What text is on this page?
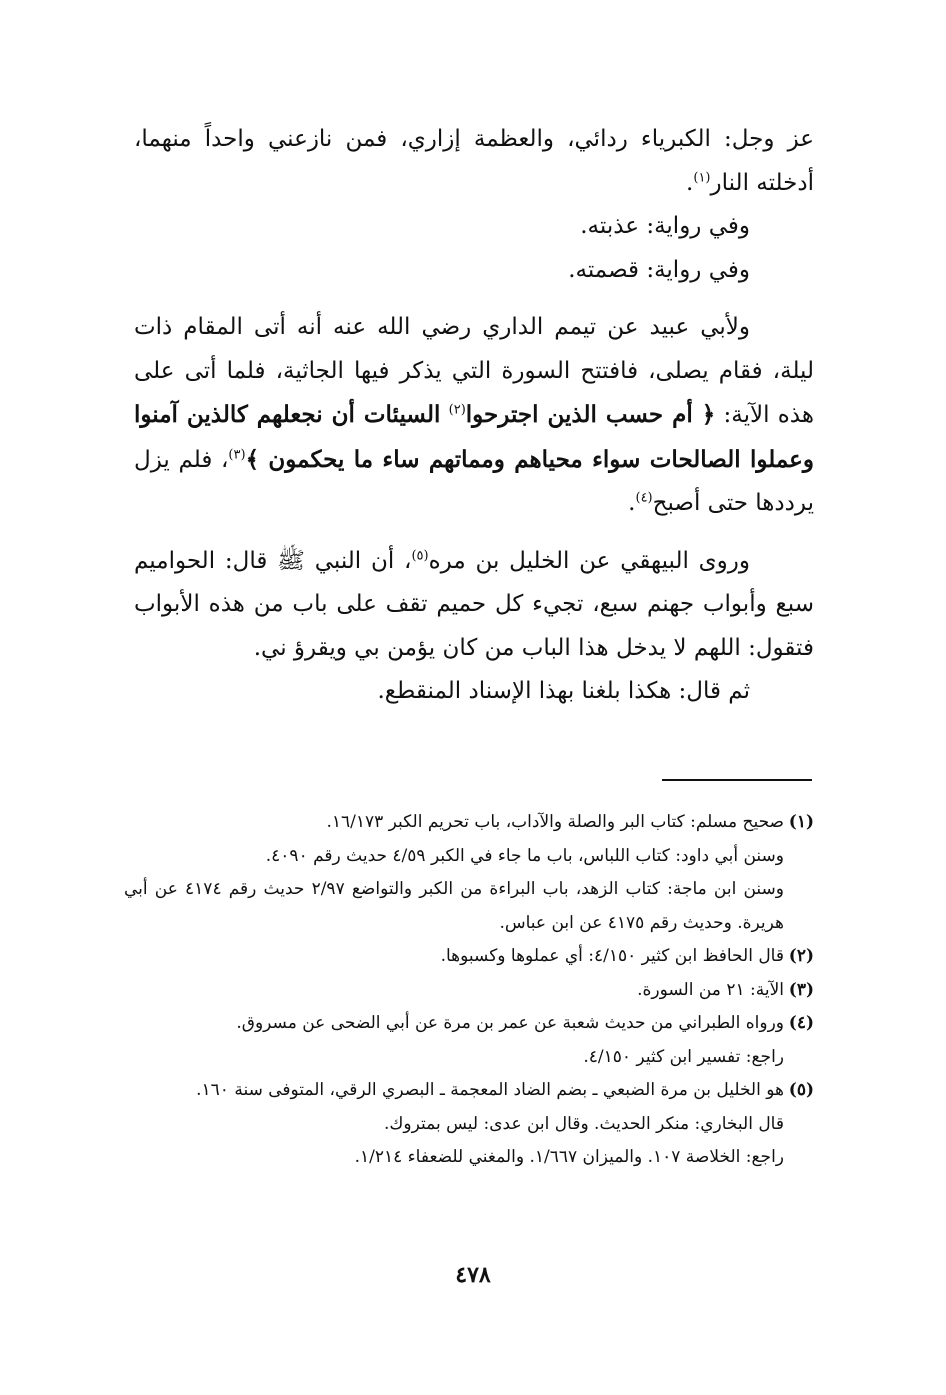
عز وجل: الكبرياء ردائي، والعظمة إزاري، فمن نازعني واحداً منهما، أدخلته النار$^{(١)}$.

وفي رواية: عذبته.

وفي رواية: قصمته.

ولأبي عبيد عن تيمم الداري رضي الله عنه أنه أتى المقام ذات ليلة، فقام يصلى، فافتتح السورة التي يذكر فيها الجاثية، فلما أتى على هذه الآية: ﴿ أم حسب الذين اجترحوا$^{(٢)}$ السيئات أن نجعلهم كالذين آمنوا وعملوا الصالحات سواء محياهم ومماتهم ساء ما يحكمون ﴾$^{(٣)}$، فلم يزل يرددها حتى أصبح$^{(٤)}$.

وروى البيهقي عن الخليل بن مره$^{(٥)}$، أن النبي ﷺ قال: الحواميم سبع وأبواب جهنم سبع، تجيء كل حميم تقف على باب من هذه الأبواب فتقول: اللهم لا يدخل هذا الباب من كان يؤمن بي ويقرؤ ني.

ثم قال: هكذا بلغنا بهذا الإسناد المنقطع.

(١)صحيح مسلم: كتاب البر والصلة والآداب، باب تحريم الكبر ١٦/١٧٣.

وسنن أبي داود: كتاب اللباس، باب ما جاء في الكبر ٤/٥٩ حديث رقم ٤٠٩٠.

وسنن ابن ماجة: كتاب الزهد، باب البراءة من الكبر والتواضع ٢/٩٧ حديث رقم ٤١٧٤ عن أبي هريرة. وحديث رقم ٤١٧٥ عن ابن عباس.

(٢)قال الحافظ ابن كثير ٤/١٥٠: أي عملوها وكسبوها.

(٣)الآية: ٢١ من السورة.

(٤)ورواه الطبراني من حديث شعبة عن عمر بن مرة عن أبي الضحى عن مسروق.

راجع: تفسير ابن كثير ٤/١٥٠.

(٥)هو الخليل بن مرة الضبعي ـ بضم الضاد المعجمة ـ البصري الرقي، المتوفى سنة ١٦٠.

قال البخاري: منكر الحديث. وقال ابن عدى: ليس بمتروك.

راجع: الخلاصة ١٠٧. والميزان ١/٦٦٧. والمغني للضعفاء ١/٢١٤.

٤٧٨
